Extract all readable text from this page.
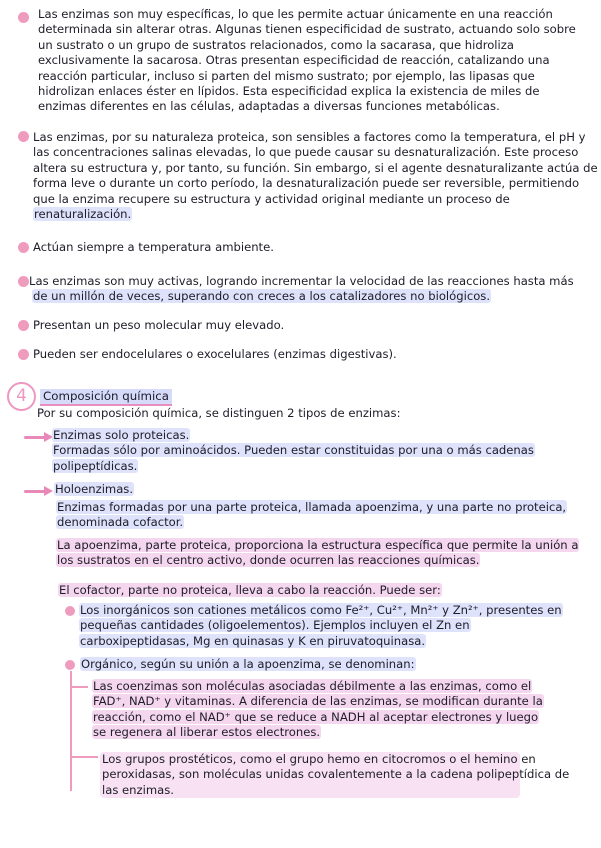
Las enzimas son muy específicas, lo que les permite actuar únicamente en una reacción
determinada sin alterar otras. Algunas tienen especificidad de sustrato, actuando solo sobre
un sustrato o un grupo de sustratos relacionados, como la sacarasa, que hidroliza
exclusivamente la sacarosa. Otras presentan especificidad de reacción, catalizando una
reacción particular, incluso si parten del mismo sustrato; por ejemplo, las lipasas que
hidrolizan enlaces éster en lípidos. Esta especificidad explica la existencia de miles de
enzimas diferentes en las células, adaptadas a diversas funciones metabólicas.
Las enzimas, por su naturaleza proteica, son sensibles a factores como la temperatura, el pH y
las concentraciones salinas elevadas, lo que puede causar su desnaturalización. Este proceso
altera su estructura y, por tanto, su función. Sin embargo, si el agente desnaturalizante actúa de
forma leve o durante un corto período, la desnaturalización puede ser reversible, permitiendo
que la enzima recupere su estructura y actividad original mediante un proceso de
renaturalización.
Actúan siempre a temperatura ambiente.
Las enzimas son muy activas, logrando incrementar la velocidad de las reacciones hasta más
de un millón de veces, superando con creces a los catalizadores no biológicos.
Presentan un peso molecular muy elevado.
Pueden ser endocelulares o exocelulares (enzimas digestivas).
4	Composición química
Por su composición química, se distinguen 2 tipos de enzimas:
Enzimas solo proteicas.
Formadas sólo por aminoácidos. Pueden estar constituidas por una o más cadenas
polipeptídicas.
Holoenzimas.
Enzimas formadas por una parte proteica, llamada apoenzima, y una parte no proteica,
denominada cofactor.
La apoenzima, parte proteica, proporciona la estructura específica que permite la unión a
los sustratos en el centro activo, donde ocurren las reacciones químicas.
El cofactor, parte no proteica, lleva a cabo la reacción. Puede ser:
Los inorgánicos son cationes metálicos como Fe²⁺, Cu²⁺, Mn²⁺ y Zn²⁺, presentes en
pequeñas cantidades (oligoelementos). Ejemplos incluyen el Zn en
carboxipeptidasas, Mg en quinasas y K en piruvatoquinasa.
Orgánico, según su unión a la apoenzima, se denominan:
Las coenzimas son moléculas asociadas débilmente a las enzimas, como el
FAD⁺, NAD⁺ y vitaminas. A diferencia de las enzimas, se modifican durante la
reacción, como el NAD⁺ que se reduce a NADH al aceptar electrones y luego
se regenera al liberar estos electrones.
Los grupos prostéticos, como el grupo hemo en citocromos o el hemino en
peroxidasas, son moléculas unidas covalentemente a la cadena polipeptídica de
las enzimas.
